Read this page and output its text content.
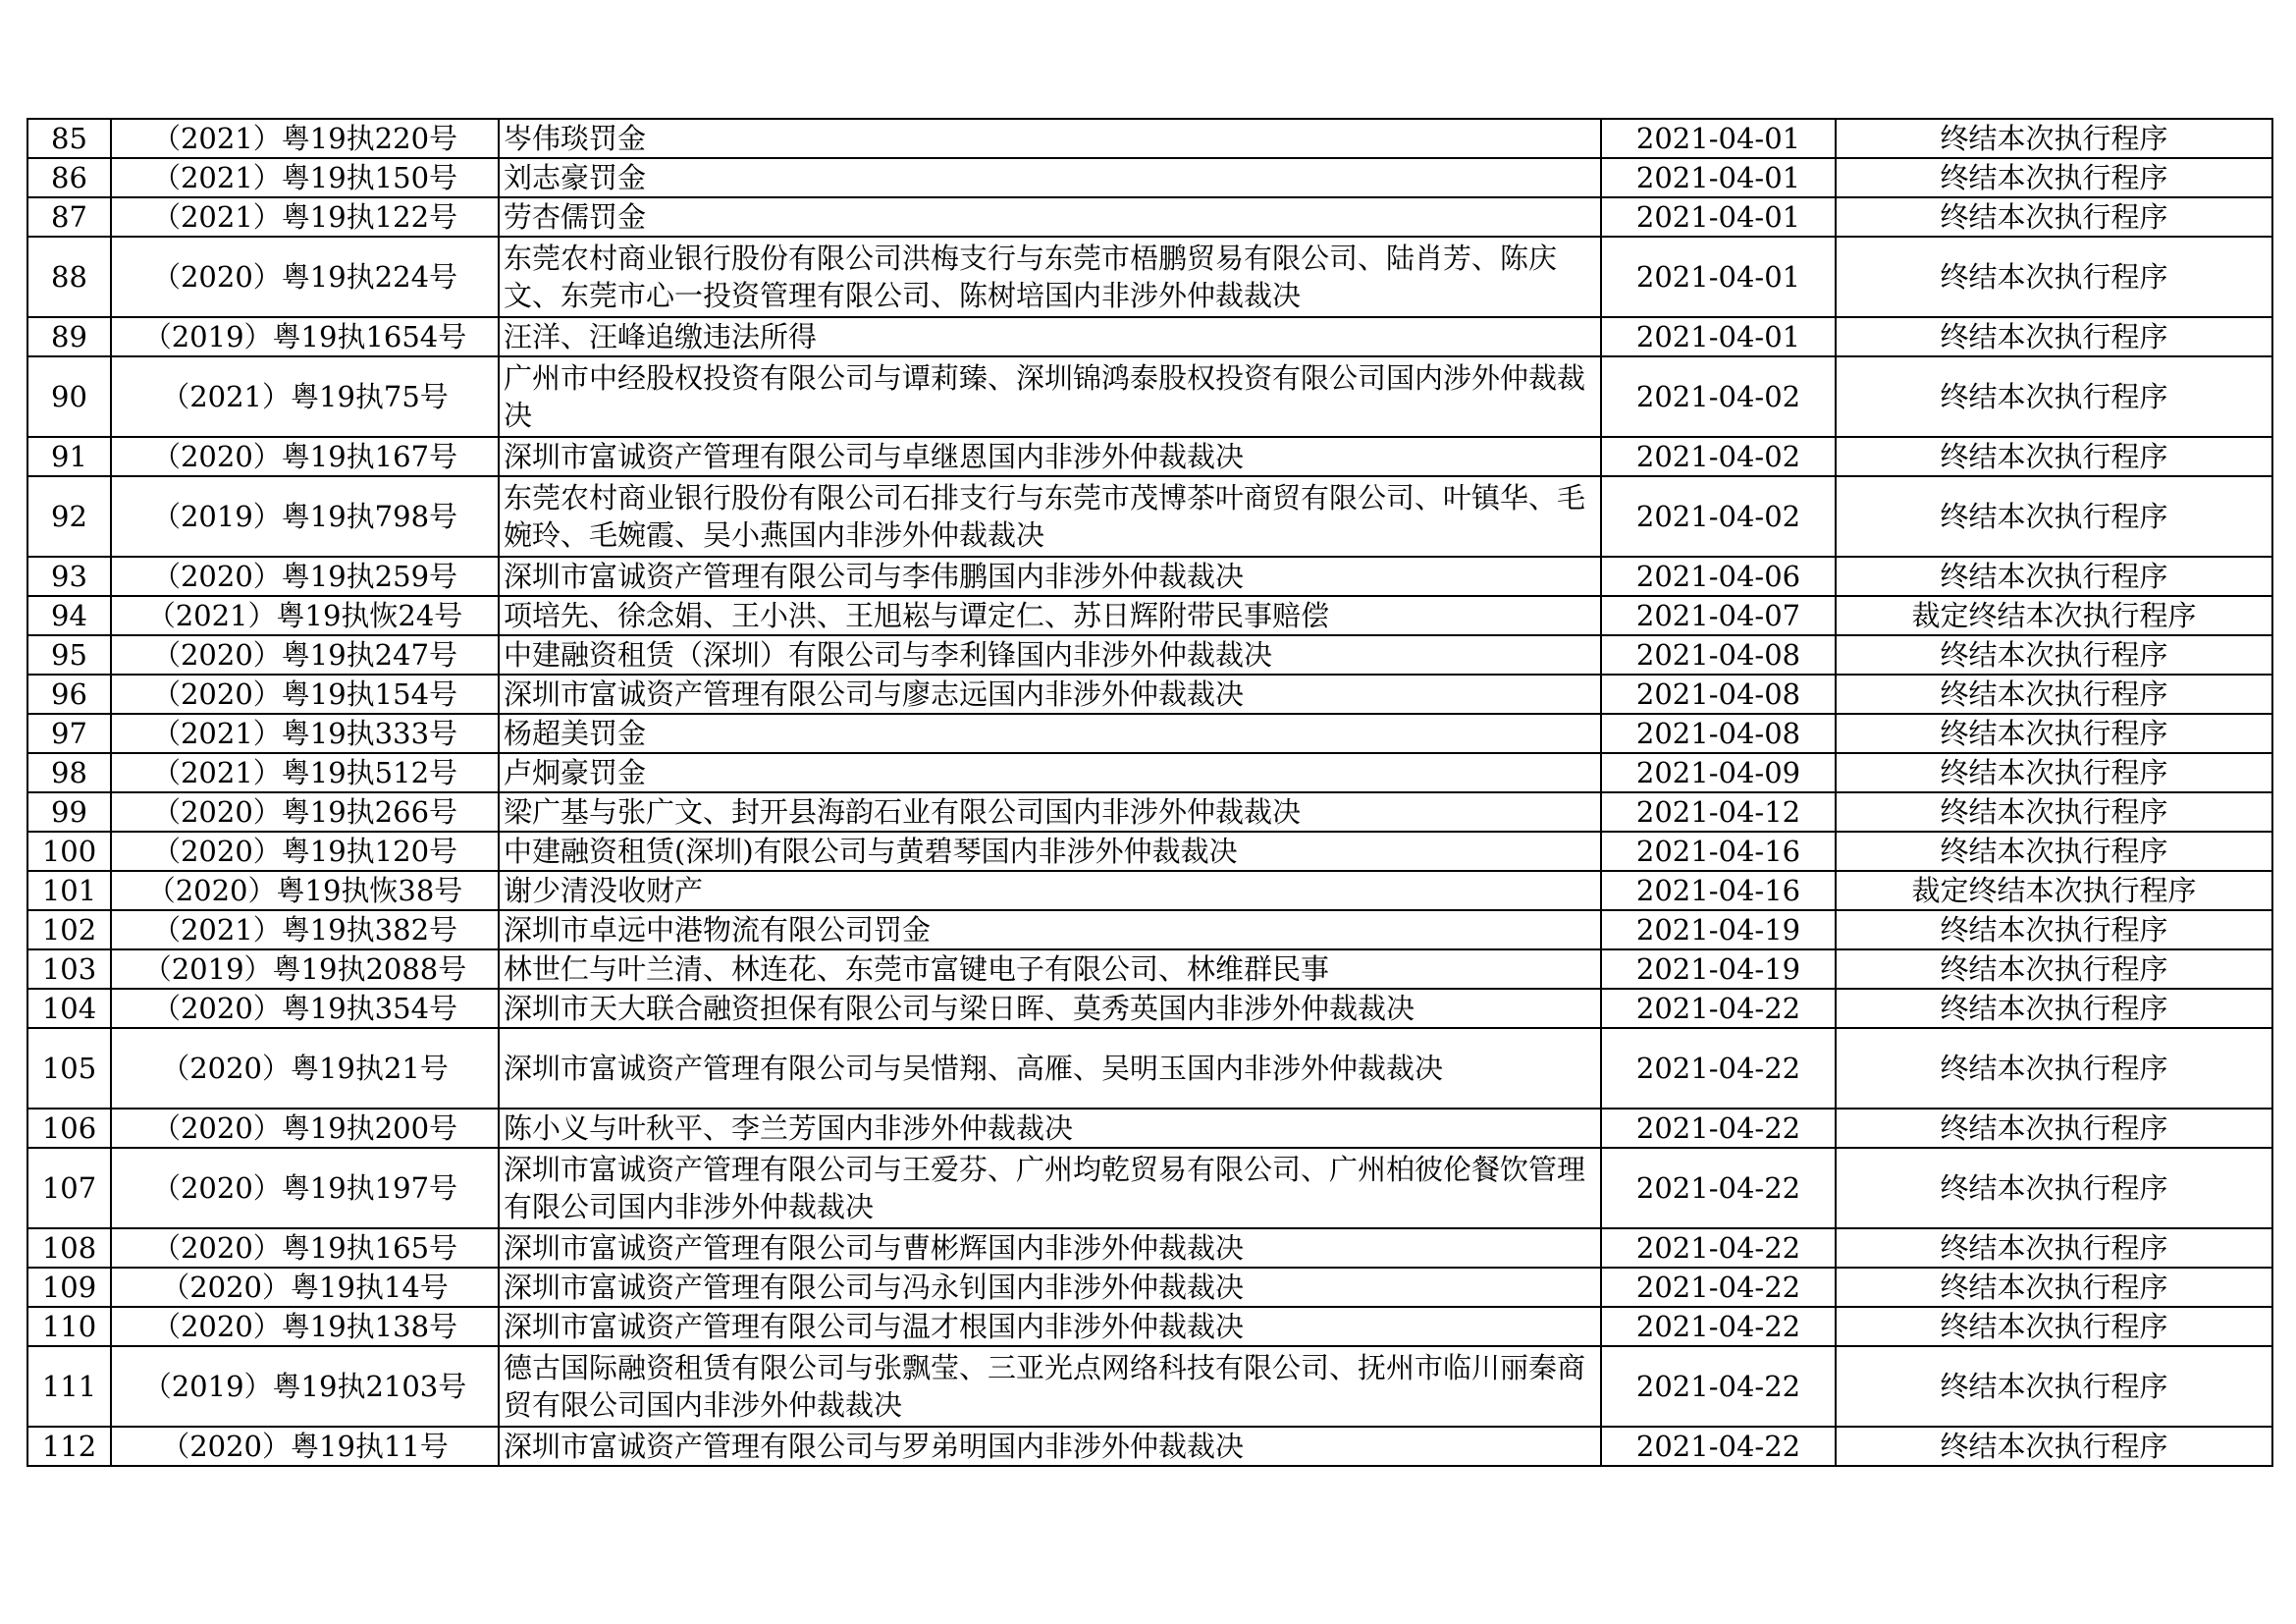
85	（2021）粤19执220号	岑伟琰罚金	2021-04-01	终结本次执行程序
86	（2021）粤19执150号	刘志豪罚金	2021-04-01	终结本次执行程序
87	（2021）粤19执122号	劳杏儒罚金	2021-04-01	终结本次执行程序
88	（2020）粤19执224号	东莞农村商业银行股份有限公司洪梅支行与东莞市梧鹏贸易有限公司、陆肖芳、陈庆文、东莞市心一投资管理有限公司、陈树培国内非涉外仲裁裁决	2021-04-01	终结本次执行程序
89	（2019）粤19执1654号	汪洋、汪峰追缴违法所得	2021-04-01	终结本次执行程序
90	（2021）粤19执75号	广州市中经股权投资有限公司与谭莉臻、深圳锦鸿泰股权投资有限公司国内涉外仲裁裁决	2021-04-02	终结本次执行程序
91	（2020）粤19执167号	深圳市富诚资产管理有限公司与卓继恩国内非涉外仲裁裁决	2021-04-02	终结本次执行程序
92	（2019）粤19执798号	东莞农村商业银行股份有限公司石排支行与东莞市茂博茶叶商贸有限公司、叶镇华、毛婉玲、毛婉霞、吴小燕国内非涉外仲裁裁决	2021-04-02	终结本次执行程序
93	（2020）粤19执259号	深圳市富诚资产管理有限公司与李伟鹏国内非涉外仲裁裁决	2021-04-06	终结本次执行程序
94	（2021）粤19执恢24号	项培先、徐念娟、王小洪、王旭崧与谭定仁、苏日辉附带民事赔偿	2021-04-07	裁定终结本次执行程序
95	（2020）粤19执247号	中建融资租赁（深圳）有限公司与李利锋国内非涉外仲裁裁决	2021-04-08	终结本次执行程序
96	（2020）粤19执154号	深圳市富诚资产管理有限公司与廖志远国内非涉外仲裁裁决	2021-04-08	终结本次执行程序
97	（2021）粤19执333号	杨超美罚金	2021-04-08	终结本次执行程序
98	（2021）粤19执512号	卢炯豪罚金	2021-04-09	终结本次执行程序
99	（2020）粤19执266号	梁广基与张广文、封开县海韵石业有限公司国内非涉外仲裁裁决	2021-04-12	终结本次执行程序
100	（2020）粤19执120号	中建融资租赁(深圳)有限公司与黄碧琴国内非涉外仲裁裁决	2021-04-16	终结本次执行程序
101	（2020）粤19执恢38号	谢少清没收财产	2021-04-16	裁定终结本次执行程序
102	（2021）粤19执382号	深圳市卓远中港物流有限公司罚金	2021-04-19	终结本次执行程序
103	（2019）粤19执2088号	林世仁与叶兰清、林连花、东莞市富键电子有限公司、林维群民事	2021-04-19	终结本次执行程序
104	（2020）粤19执354号	深圳市天大联合融资担保有限公司与梁日晖、莫秀英国内非涉外仲裁裁决	2021-04-22	终结本次执行程序
105	（2020）粤19执21号	深圳市富诚资产管理有限公司与吴惜翔、高雁、吴明玉国内非涉外仲裁裁决	2021-04-22	终结本次执行程序
106	（2020）粤19执200号	陈小义与叶秋平、李兰芳国内非涉外仲裁裁决	2021-04-22	终结本次执行程序
107	（2020）粤19执197号	深圳市富诚资产管理有限公司与王爱芬、广州均乾贸易有限公司、广州柏彼伦餐饮管理有限公司国内非涉外仲裁裁决	2021-04-22	终结本次执行程序
108	（2020）粤19执165号	深圳市富诚资产管理有限公司与曹彬辉国内非涉外仲裁裁决	2021-04-22	终结本次执行程序
109	（2020）粤19执14号	深圳市富诚资产管理有限公司与冯永钊国内非涉外仲裁裁决	2021-04-22	终结本次执行程序
110	（2020）粤19执138号	深圳市富诚资产管理有限公司与温才根国内非涉外仲裁裁决	2021-04-22	终结本次执行程序
111	（2019）粤19执2103号	德古国际融资租赁有限公司与张飘莹、三亚光点网络科技有限公司、抚州市临川丽秦商贸有限公司国内非涉外仲裁裁决	2021-04-22	终结本次执行程序
112	（2020）粤19执11号	深圳市富诚资产管理有限公司与罗弟明国内非涉外仲裁裁决	2021-04-22	终结本次执行程序
